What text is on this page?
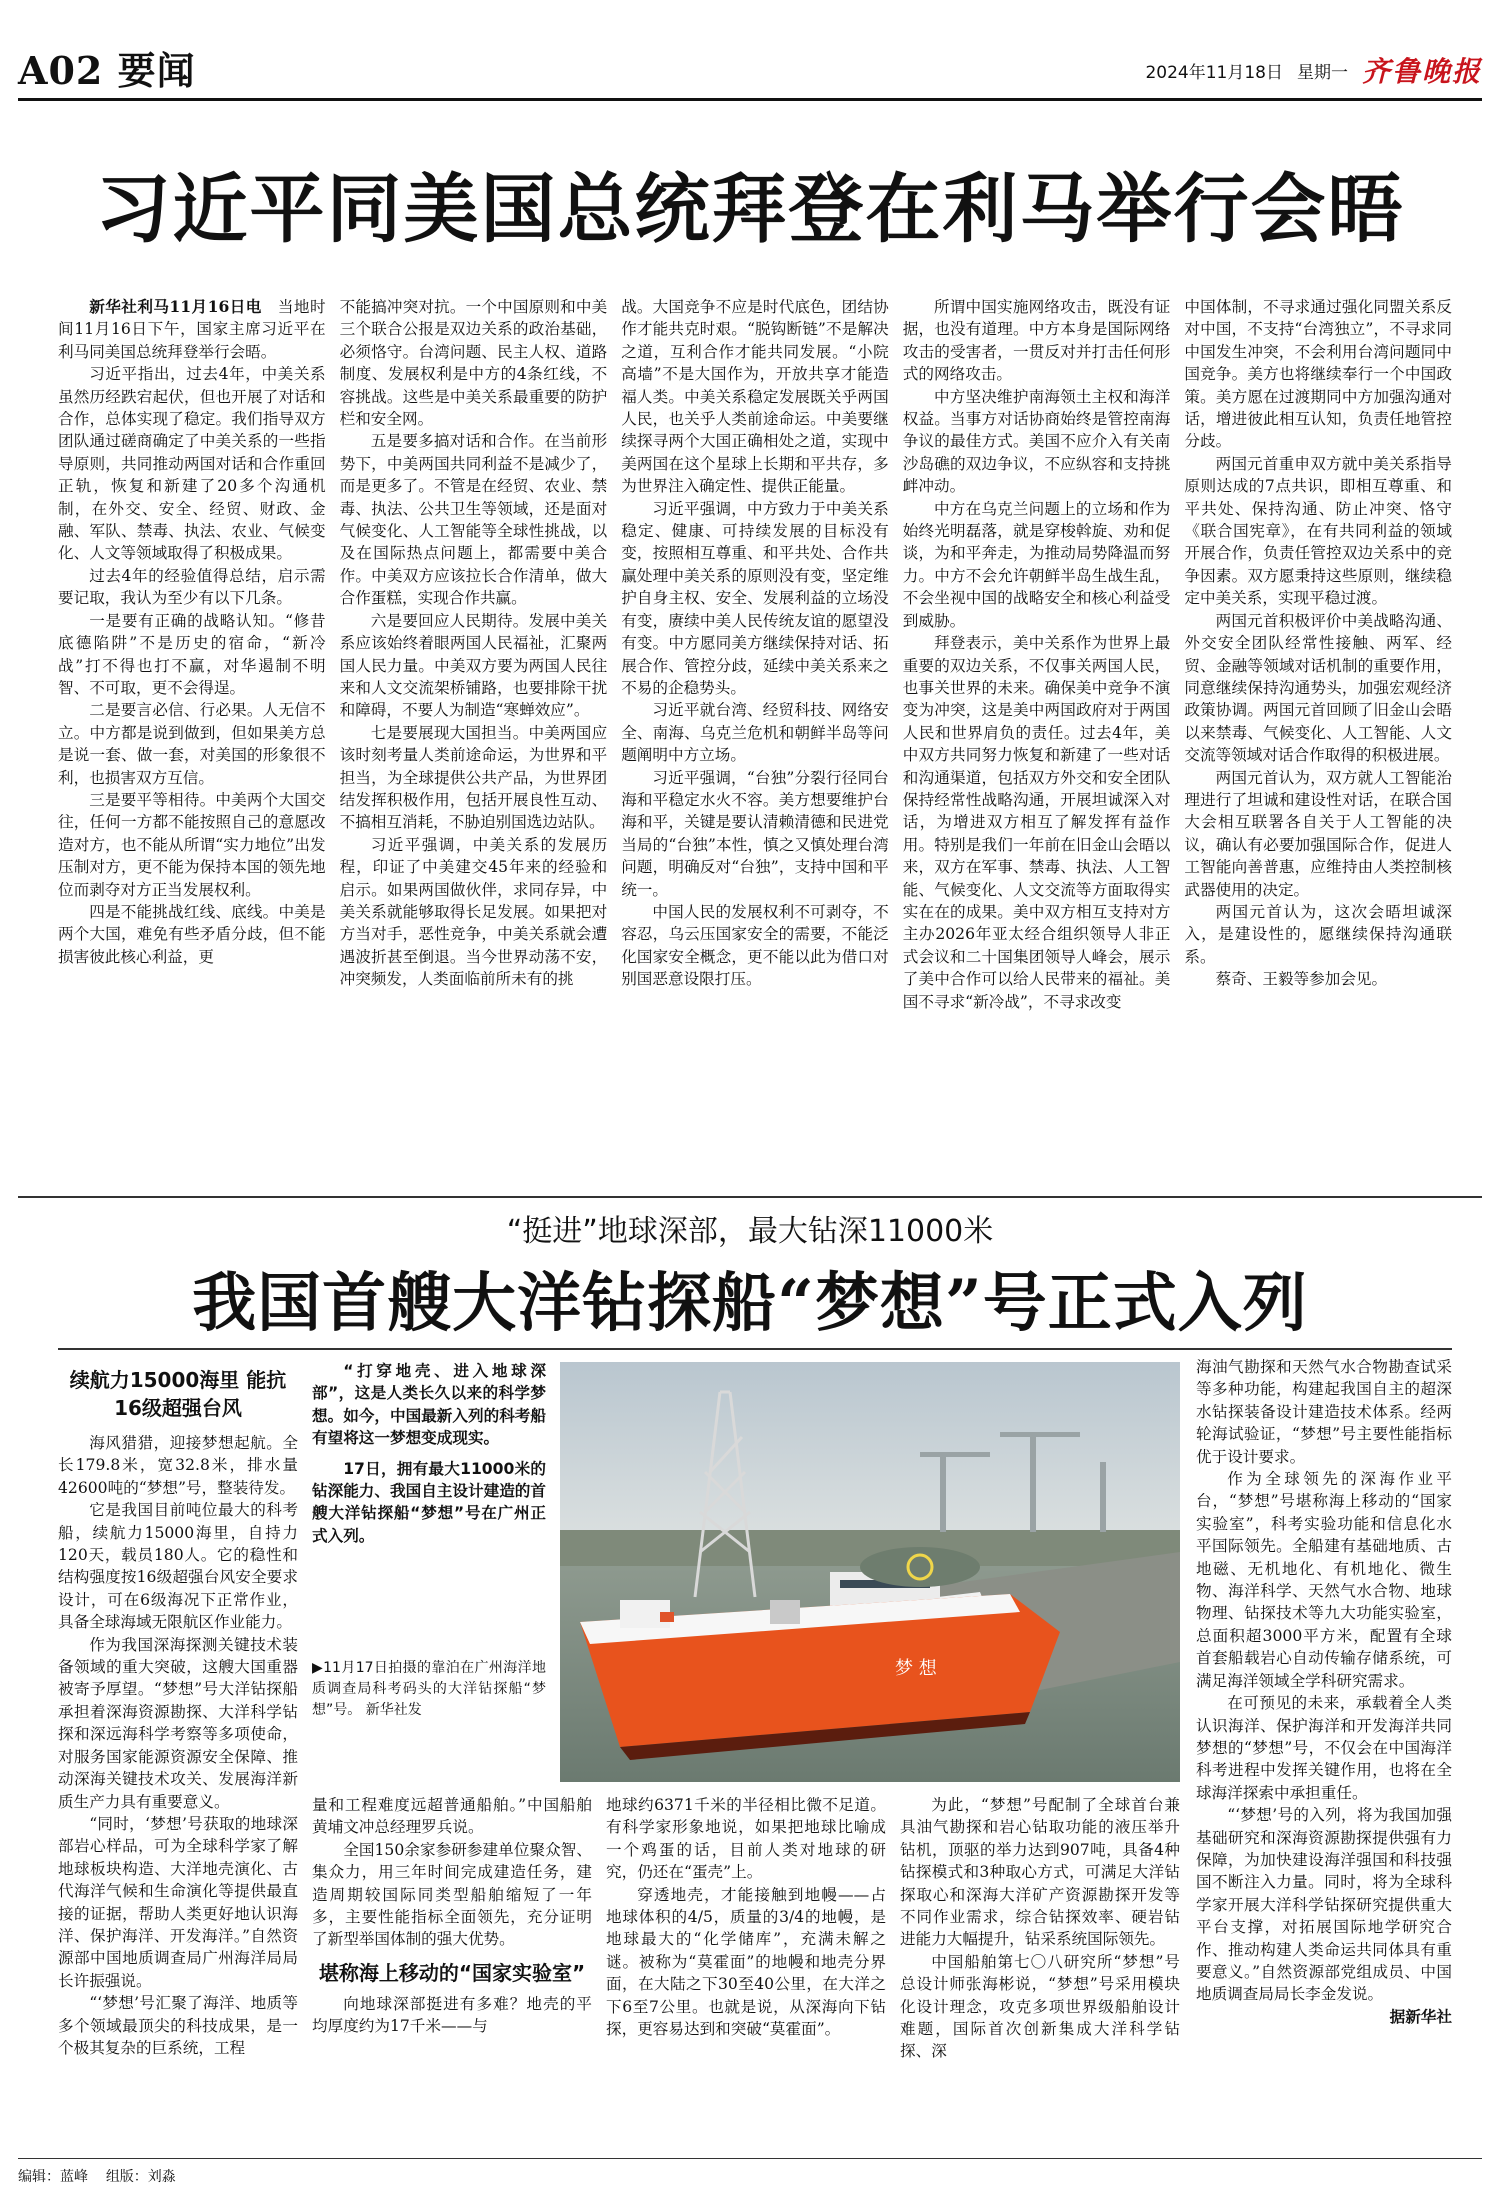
A02 要闻	2024年11月18日 星期一 齐鲁晚报
习近平同美国总统拜登在利马举行会晤

新华社利马11月16日电　 当地时间11月16日下午，国家主席习近平在利马同美国总统拜登举行会晤。

习近平指出，过去4年，中美关系虽然历经跌宕起伏，但也开展了对话和合作，总体实现了稳定。我们指导双方团队通过磋商确定了中美关系的一些指导原则，共同推动两国对话和合作重回正轨，恢复和新建了20多个沟通机制，在外交、安全、经贸、财政、金融、军队、禁毒、执法、农业、气候变化、人文等领域取得了积极成果。

过去4年的经验值得总结，启示需要记取，我认为至少有以下几条。

一是要有正确的战略认知。“修昔底德陷阱”不是历史的宿命，“新冷战”打不得也打不赢，对华遏制不明智、不可取，更不会得逞。

二是要言必信、行必果。人无信不立。中方都是说到做到，但如果美方总是说一套、做一套，对美国的形象很不利，也损害双方互信。

三是要平等相待。中美两个大国交往，任何一方都不能按照自己的意愿改造对方，也不能从所谓“实力地位”出发压制对方，更不能为保持本国的领先地位而剥夺对方正当发展权利。

四是不能挑战红线、底线。中美是两个大国，难免有些矛盾分歧，但不能损害彼此核心利益，更

不能搞冲突对抗。一个中国原则和中美三个联合公报是双边关系的政治基础，必须恪守。台湾问题、民主人权、道路制度、发展权利是中方的4条红线，不容挑战。这些是中美关系最重要的防护栏和安全网。

五是要多搞对话和合作。在当前形势下，中美两国共同利益不是减少了，而是更多了。不管是在经贸、农业、禁毒、执法、公共卫生等领域，还是面对气候变化、人工智能等全球性挑战，以及在国际热点问题上，都需要中美合作。中美双方应该拉长合作清单，做大合作蛋糕，实现合作共赢。

六是要回应人民期待。发展中美关系应该始终着眼两国人民福祉，汇聚两国人民力量。中美双方要为两国人民往来和人文交流架桥铺路，也要排除干扰和障碍，不要人为制造“寒蝉效应”。

七是要展现大国担当。中美两国应该时刻考量人类前途命运，为世界和平担当，为全球提供公共产品，为世界团结发挥积极作用，包括开展良性互动、不搞相互消耗，不胁迫别国选边站队。

习近平强调，中美关系的发展历程，印证了中美建交45年来的经验和启示。如果两国做伙伴，求同存异，中美关系就能够取得长足发展。如果把对方当对手，恶性竞争，中美关系就会遭遇波折甚至倒退。当今世界动荡不安，冲突频发，人类面临前所未有的挑

战。大国竞争不应是时代底色，团结协作才能共克时艰。“脱钩断链”不是解决之道，互利合作才能共同发展。“小院高墙”不是大国作为，开放共享才能造福人类。中美关系稳定发展既关乎两国人民，也关乎人类前途命运。中美要继续探寻两个大国正确相处之道，实现中美两国在这个星球上长期和平共存，多为世界注入确定性、提供正能量。

习近平强调，中方致力于中美关系稳定、健康、可持续发展的目标没有变，按照相互尊重、和平共处、合作共赢处理中美关系的原则没有变，坚定维护自身主权、安全、发展利益的立场没有变，赓续中美人民传统友谊的愿望没有变。中方愿同美方继续保持对话、拓展合作、管控分歧，延续中美关系来之不易的企稳势头。

习近平就台湾、经贸科技、网络安全、南海、乌克兰危机和朝鲜半岛等问题阐明中方立场。

习近平强调，“台独”分裂行径同台海和平稳定水火不容。美方想要维护台海和平，关键是要认清赖清德和民进党当局的“台独”本性，慎之又慎处理台湾问题，明确反对“台独”，支持中国和平统一。

中国人民的发展权利不可剥夺，不容忍，乌云压国家安全的需要，不能泛化国家安全概念，更不能以此为借口对别国恶意设限打压。

所谓中国实施网络攻击，既没有证据，也没有道理。中方本身是国际网络攻击的受害者，一贯反对并打击任何形式的网络攻击。

中方坚决维护南海领土主权和海洋权益。当事方对话协商始终是管控南海争议的最佳方式。美国不应介入有关南沙岛礁的双边争议，不应纵容和支持挑衅冲动。

中方在乌克兰问题上的立场和作为始终光明磊落，就是穿梭斡旋、劝和促谈，为和平奔走，为推动局势降温而努力。中方不会允许朝鲜半岛生战生乱，不会坐视中国的战略安全和核心利益受到威胁。

拜登表示，美中关系作为世界上最重要的双边关系，不仅事关两国人民，也事关世界的未来。确保美中竞争不演变为冲突，这是美中两国政府对于两国人民和世界肩负的责任。过去4年，美中双方共同努力恢复和新建了一些对话和沟通渠道，包括双方外交和安全团队保持经常性战略沟通，开展坦诚深入对话，为增进双方相互了解发挥有益作用。特别是我们一年前在旧金山会晤以来，双方在军事、禁毒、执法、人工智能、气候变化、人文交流等方面取得实实在在的成果。美中双方相互支持对方主办2026年亚太经合组织领导人非正式会议和二十国集团领导人峰会，展示了美中合作可以给人民带来的福祉。美国不寻求“新冷战”，不寻求改变

中国体制，不寻求通过强化同盟关系反对中国，不支持“台湾独立”，不寻求同中国发生冲突，不会利用台湾问题同中国竞争。美方也将继续奉行一个中国政策。美方愿在过渡期同中方加强沟通对话，增进彼此相互认知，负责任地管控分歧。

两国元首重申双方就中美关系指导原则达成的7点共识，即相互尊重、和平共处、保持沟通、防止冲突、恪守《联合国宪章》，在有共同利益的领域开展合作，负责任管控双边关系中的竞争因素。双方愿秉持这些原则，继续稳定中美关系，实现平稳过渡。

两国元首积极评价中美战略沟通、外交安全团队经常性接触、两军、经贸、金融等领域对话机制的重要作用，同意继续保持沟通势头，加强宏观经济政策协调。两国元首回顾了旧金山会晤以来禁毒、气候变化、人工智能、人文交流等领域对话合作取得的积极进展。

两国元首认为，双方就人工智能治理进行了坦诚和建设性对话，在联合国大会相互联署各自关于人工智能的决议，确认有必要加强国际合作，促进人工智能向善普惠，应维持由人类控制核武器使用的决定。

两国元首认为，这次会晤坦诚深入，是建设性的，愿继续保持沟通联系。

蔡奇、王毅等参加会见。

“挺进”地球深部，最大钻深11000米
我国首艘大洋钻探船“梦想”号正式入列
续航力15000海里 能抗16级超强台风

海风猎猎，迎接梦想起航。全长179.8米，宽32.8米，排水量42600吨的“梦想”号，整装待发。

它是我国目前吨位最大的科考船，续航力15000海里，自持力120天，载员180人。它的稳性和结构强度按16级超强台风安全要求设计，可在6级海况下正常作业，具备全球海域无限航区作业能力。

作为我国深海探测关键技术装备领域的重大突破，这艘大国重器被寄予厚望。“梦想”号大洋钻探船承担着深海资源勘探、大洋科学钻探和深远海科学考察等多项使命，对服务国家能源资源安全保障、推动深海关键技术攻关、发展海洋新质生产力具有重要意义。

“同时，‘梦想’号获取的地球深部岩心样品，可为全球科学家了解地球板块构造、大洋地壳演化、古代海洋气候和生命演化等提供最直接的证据，帮助人类更好地认识海洋、保护海洋、开发海洋。”自然资源部中国地质调查局广州海洋局局长许振强说。

“‘梦想’号汇聚了海洋、地质等多个领域最顶尖的科技成果，是一个极其复杂的巨系统，工程

“打穿地壳、进入地球深部”，这是人类长久以来的科学梦想。如今，中国最新入列的科考船有望将这一梦想变成现实。

17日，拥有最大11000米的钻深能力、我国自主设计建造的首艘大洋钻探船“梦想”号在广州正式入列。

▶11月17日拍摄的靠泊在广州海洋地质调查局科考码头的大洋钻探船“梦想”号。 新华社发
梦 想

量和工程难度远超普通船舶。”中国船舶黄埔文冲总经理罗兵说。

全国150余家参研参建单位聚众智、集众力，用三年时间完成建造任务，建造周期较国际同类型船舶缩短了一年多，主要性能指标全面领先，充分证明了新型举国体制的强大优势。

堪称海上移动的“国家实验室”

向地球深部挺进有多难？地壳的平均厚度约为17千米——与

地球约6371千米的半径相比微不足道。有科学家形象地说，如果把地球比喻成一个鸡蛋的话，目前人类对地球的研究，仍还在“蛋壳”上。

穿透地壳，才能接触到地幔——占地球体积的4/5，质量的3/4的地幔，是地球最大的“化学储库”，充满未解之谜。被称为“莫霍面”的地幔和地壳分界面，在大陆之下30至40公里，在大洋之下6至7公里。也就是说，从深海向下钻探，更容易达到和突破“莫霍面”。

为此，“梦想”号配制了全球首台兼具油气勘探和岩心钻取功能的液压举升钻机，顶驱的举力达到907吨，具备4种钻探模式和3种取心方式，可满足大洋钻探取心和深海大洋矿产资源勘探开发等不同作业需求，综合钻探效率、硬岩钻进能力大幅提升，钻采系统国际领先。

中国船舶第七〇八研究所“梦想”号总设计师张海彬说，“梦想”号采用模块化设计理念，攻克多项世界级船舶设计难题，国际首次创新集成大洋科学钻探、深

海油气勘探和天然气水合物勘查试采等多种功能，构建起我国自主的超深水钻探装备设计建造技术体系。经两轮海试验证，“梦想”号主要性能指标优于设计要求。

作为全球领先的深海作业平台，“梦想”号堪称海上移动的“国家实验室”，科考实验功能和信息化水平国际领先。全船建有基础地质、古地磁、无机地化、有机地化、微生物、海洋科学、天然气水合物、地球物理、钻探技术等九大功能实验室，总面积超3000平方米，配置有全球首套船载岩心自动传输存储系统，可满足海洋领域全学科研究需求。

在可预见的未来，承载着全人类认识海洋、保护海洋和开发海洋共同梦想的“梦想”号，不仅会在中国海洋科考进程中发挥关键作用，也将在全球海洋探索中承担重任。

“‘梦想’号的入列，将为我国加强基础研究和深海资源勘探提供强有力保障，为加快建设海洋强国和科技强国不断注入力量。同时，将为全球科学家开展大洋科学钻探研究提供重大平台支撑，对拓展国际地学研究合作、推动构建人类命运共同体具有重要意义。”自然资源部党组成员、中国地质调查局局长李金发说。

据新华社
编辑：蓝峰 组版：刘淼
